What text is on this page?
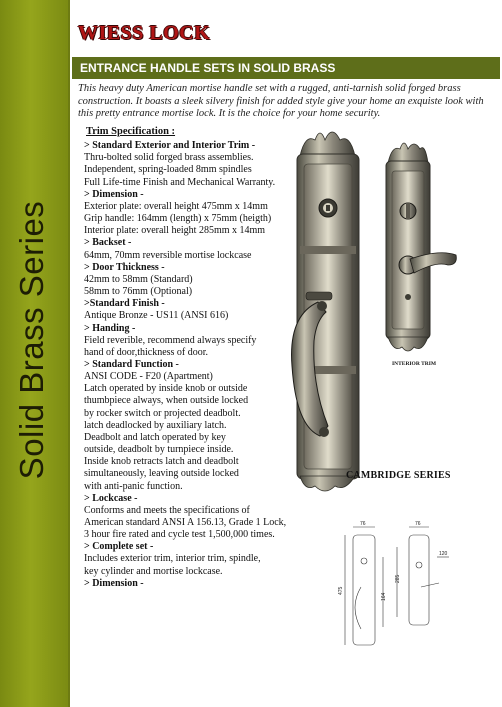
Solid Brass Series
WIESS LOCK
ENTRANCE HANDLE SETS IN SOLID BRASS
This heavy duty American mortise handle set with a rugged, anti-tarnish solid forged brass construction. It boasts a sleek silvery finish for added style give your home an exquiste look with this pretty entrance mortise lock. It is the choice for your home security.
Trim Specification :
> Standard Exterior and Interior Trim -
Thru-bolted solid forged brass assemblies.
Independent, spring-loaded 8mm spindles
Full Life-time Finish and Mechanical Warranty.
> Dimension -
Exterior plate: overall height 475mm x 14mm
Grip handle: 164mm (length) x 75mm (heigth)
Interior plate: overall height 285mm x 14mm
> Backset -
64mm, 70mm reversible mortise lockcase
> Door Thickness -
42mm to 58mm (Standard)
58mm to 76mm (Optional)
>Standard Finish -
Antique Bronze - US11 (ANSI 616)
> Handing -
Field reverible, recommend always specify
hand of door,thickness of door.
> Standard Function -
ANSI CODE - F20 (Apartment)
Latch operated by inside knob or outside
thumbpiece always, when outside locked
by rocker switch or projected deadbolt.
latch deadlocked by auxiliary latch.
Deadbolt and latch operated by key
outside, deadbolt by turnpiece inside.
Inside knob retracts latch and deadbolt
simultaneously, leaving outside locked
with anti-panic function.
> Lockcase -
Conforms and meets the specifications of
American standard ANSI A 156.13, Grade 1 Lock,
3 hour fire rated and cycle test 1,500,000 times.
> Complete set -
Includes exterior trim, interior trim, spindle,
key cylinder and mortise lockcase.
> Dimension -
INTERIOR TRIM
CAMBRIDGE SERIES
76	76
475
164
285
120
